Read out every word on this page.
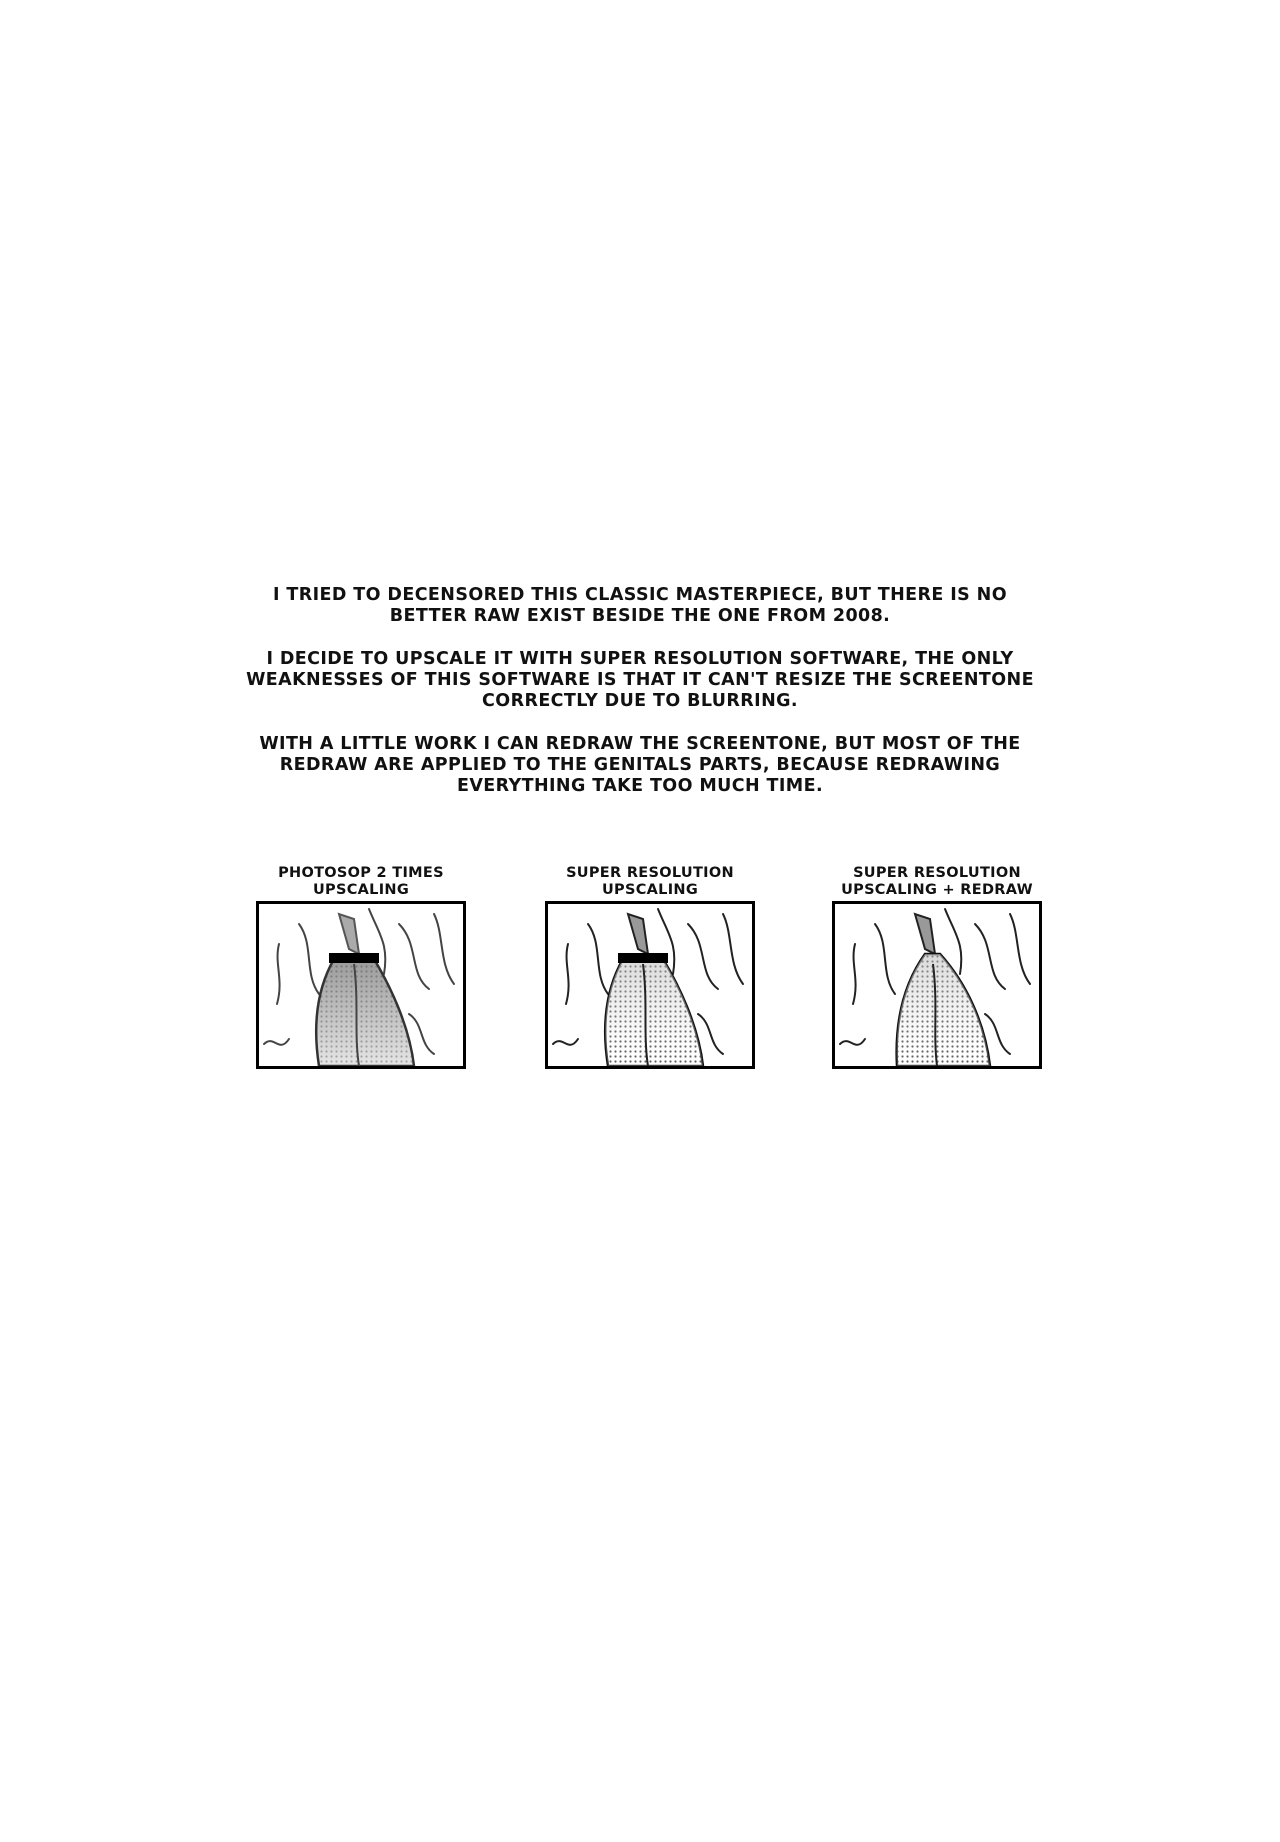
I TRIED TO DECENSORED THIS CLASSIC MASTERPIECE, BUT THERE IS NO BETTER RAW EXIST BESIDE THE ONE FROM 2008.

I DECIDE TO UPSCALE IT WITH SUPER RESOLUTION SOFTWARE, THE ONLY WEAKNESSES OF THIS SOFTWARE IS THAT IT CAN'T RESIZE THE SCREENTONE CORRECTLY DUE TO BLURRING.

WITH A LITTLE WORK I CAN REDRAW THE SCREENTONE, BUT MOST OF THE REDRAW ARE APPLIED TO THE GENITALS PARTS, BECAUSE REDRAWING EVERYTHING TAKE TOO MUCH TIME.

PHOTOSOP 2 TIMES
UPSCALING
SUPER RESOLUTION
UPSCALING
SUPER RESOLUTION
UPSCALING + REDRAW
